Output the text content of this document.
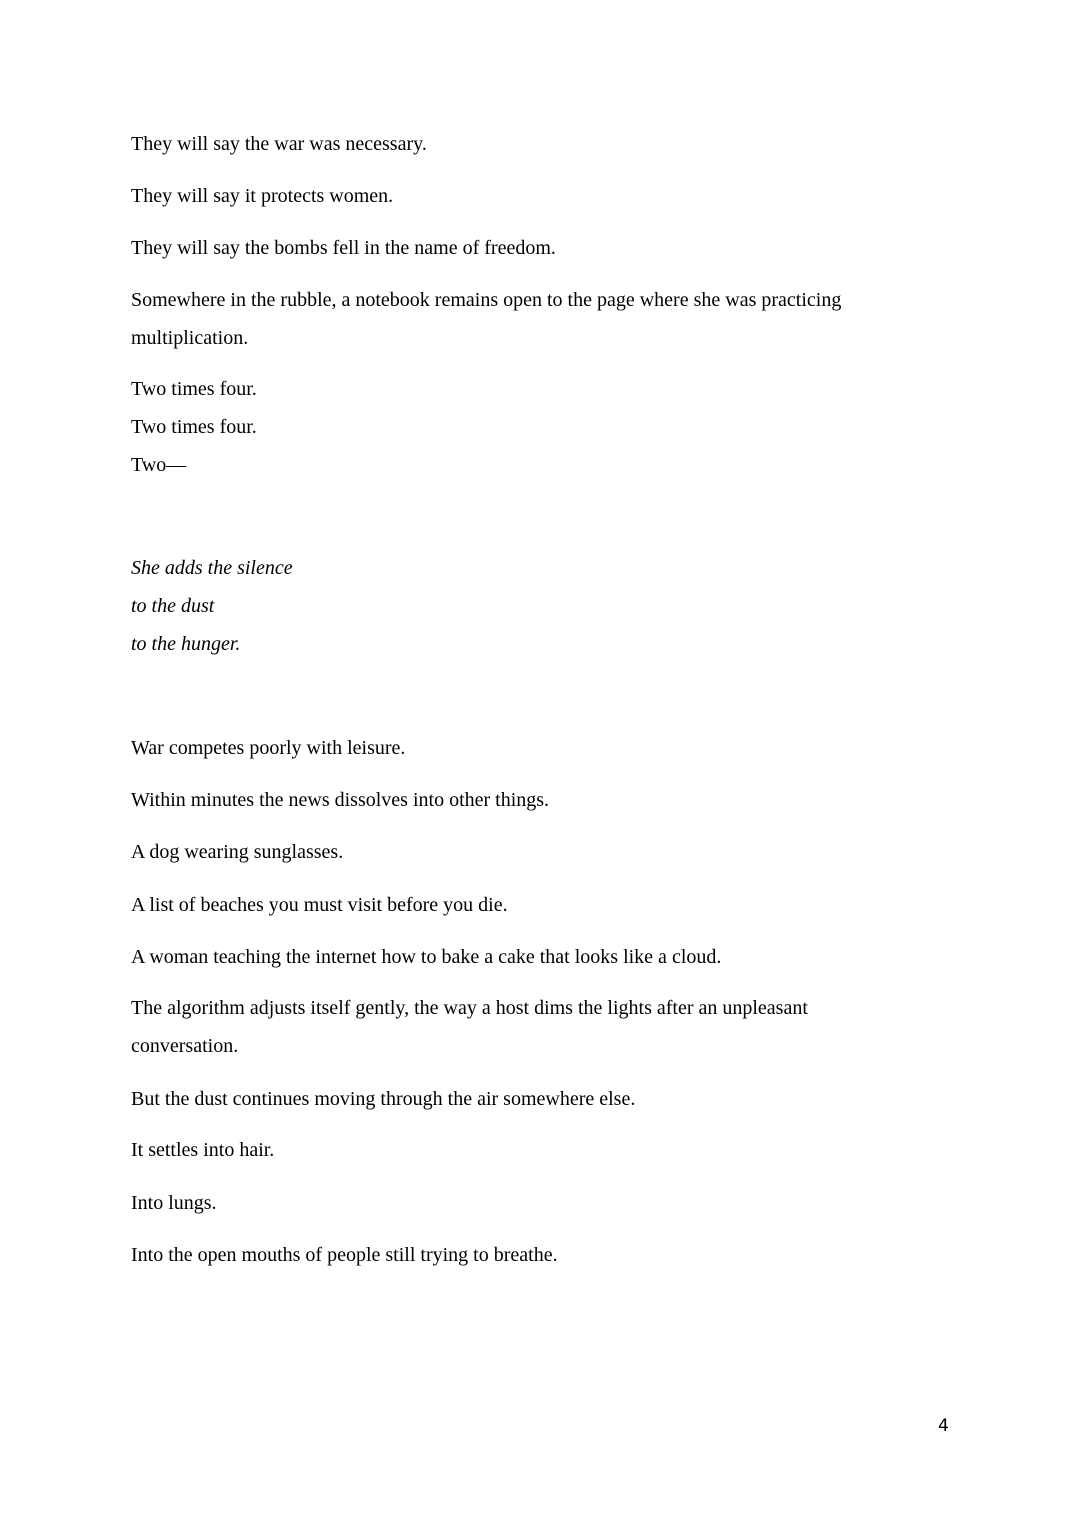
They will say the war was necessary.

They will say it protects women.

They will say the bombs fell in the name of freedom.

Somewhere in the rubble, a notebook remains open to the page where she was practicing

multiplication.

Two times four.

Two times four.

Two—

She adds the silence

to the dust

to the hunger.

War competes poorly with leisure.

Within minutes the news dissolves into other things.

A dog wearing sunglasses.

A list of beaches you must visit before you die.

A woman teaching the internet how to bake a cake that looks like a cloud.

The algorithm adjusts itself gently, the way a host dims the lights after an unpleasant

conversation.

But the dust continues moving through the air somewhere else.

It settles into hair.

Into lungs.

Into the open mouths of people still trying to breathe.

4
